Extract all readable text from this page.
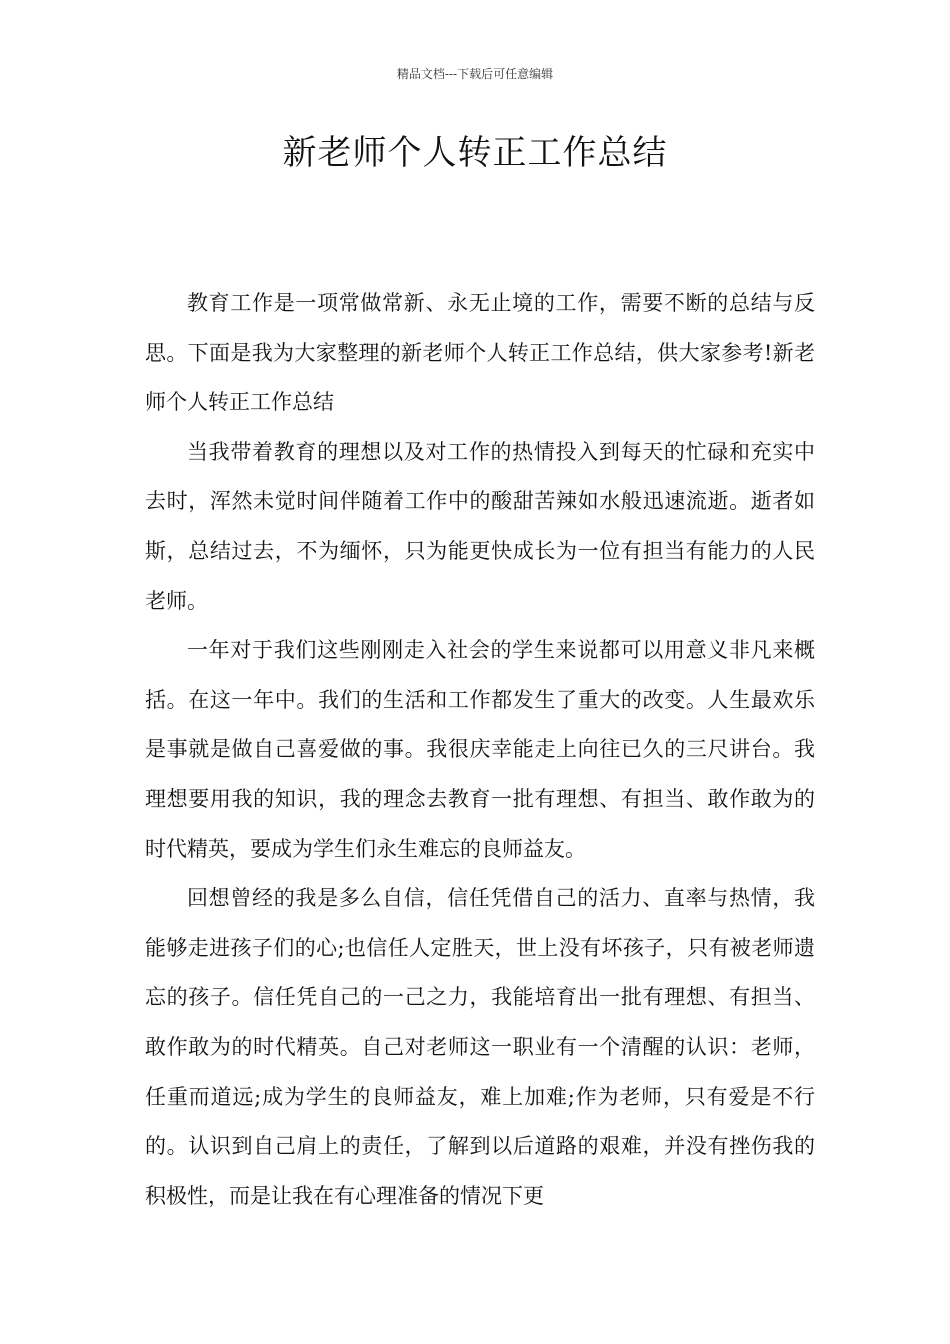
精品文档---下载后可任意编辑
新老师个人转正工作总结

教育工作是一项常做常新、永无止境的工作，需要不断的总结与反思。下面是我为大家整理的新老师个人转正工作总结，供大家参考!新老师个人转正工作总结

当我带着教育的理想以及对工作的热情投入到每天的忙碌和充实中去时，浑然未觉时间伴随着工作中的酸甜苦辣如水般迅速流逝。逝者如斯，总结过去，不为缅怀，只为能更快成长为一位有担当有能力的人民老师。

一年对于我们这些刚刚走入社会的学生来说都可以用意义非凡来概括。在这一年中。我们的生活和工作都发生了重大的改变。人生最欢乐是事就是做自己喜爱做的事。我很庆幸能走上向往已久的三尺讲台。我理想要用我的知识，我的理念去教育一批有理想、有担当、敢作敢为的时代精英，要成为学生们永生难忘的良师益友。

回想曾经的我是多么自信，信任凭借自己的活力、直率与热情，我能够走进孩子们的心;也信任人定胜天，世上没有坏孩子，只有被老师遗忘的孩子。信任凭自己的一己之力，我能培育出一批有理想、有担当、敢作敢为的时代精英。自己对老师这一职业有一个清醒的认识：老师，任重而道远;成为学生的良师益友，难上加难;作为老师，只有爱是不行的。认识到自己肩上的责任，了解到以后道路的艰难，并没有挫伤我的积极性，而是让我在有心理准备的情况下更
